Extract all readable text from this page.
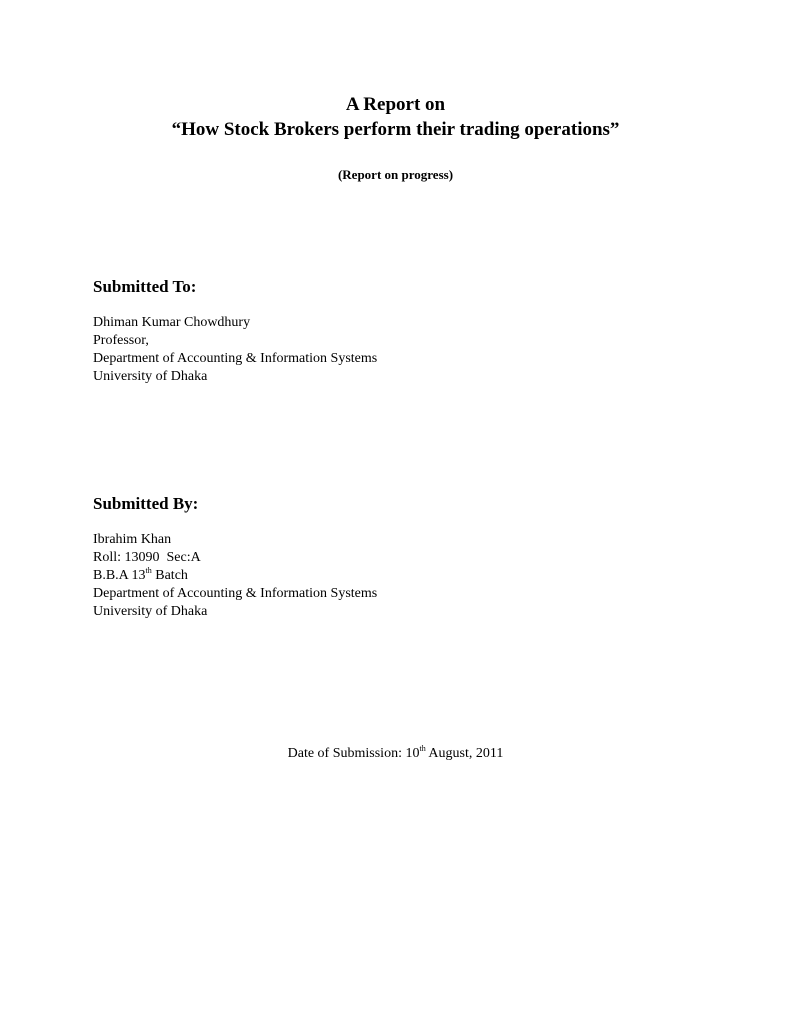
A Report on
“How Stock Brokers perform their trading operations”
(Report on progress)
Submitted To:
Dhiman Kumar Chowdhury
Professor,
Department of Accounting & Information Systems
University of Dhaka
Submitted By:
Ibrahim Khan
Roll: 13090  Sec:A
B.B.A 13th Batch
Department of Accounting & Information Systems
University of Dhaka
Date of Submission: 10th August, 2011
